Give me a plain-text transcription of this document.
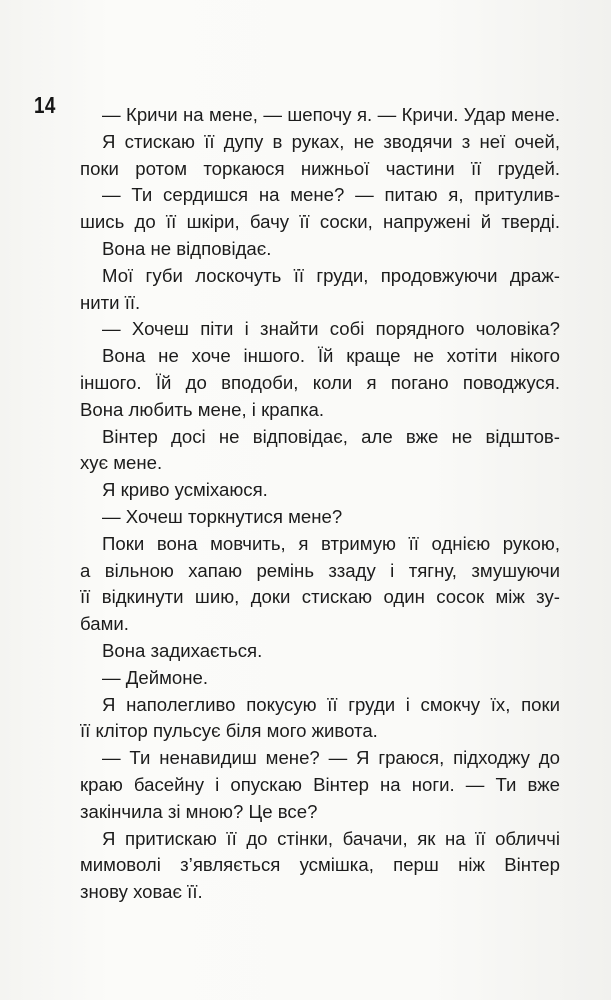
14	— Кричи на мене, — шепочу я. — Кричи. Удар мене.
Я стискаю її дупу в руках, не зводячи з неї очей,
поки ротом торкаюся нижньої частини її грудей.
— Ти сердишся на мене? — питаю я, притулив-
шись до її шкіри, бачу її соски, напружені й тверді.
Вона не відповідає.
Мої губи лоскочуть її груди, продовжуючи драж-
нити її.
— Хочеш піти і знайти собі порядного чоловіка?
Вона не хоче іншого. Їй краще не хотіти нікого
іншого. Їй до вподоби, коли я погано поводжуся.
Вона любить мене, і крапка.
Вінтер досі не відповідає, але вже не відштов-
хує мене.
Я криво усміхаюся.
— Хочеш торкнутися мене?
Поки вона мовчить, я втримую її однією рукою,
а вільною хапаю ремінь ззаду і тягну, змушуючи
її відкинути шию, доки стискаю один сосок між зу-
бами.
Вона задихається.
— Деймоне.
Я наполегливо покусую її груди і смокчу їх, поки
її клітор пульсує біля мого живота.
— Ти ненавидиш мене? — Я граюся, підходжу до
краю басейну і опускаю Вінтер на ноги. — Ти вже
закінчила зі мною? Це все?
Я притискаю її до стінки, бачачи, як на її обличчі
мимоволі з’являється усмішка, перш ніж Вінтер
знову ховає її.
